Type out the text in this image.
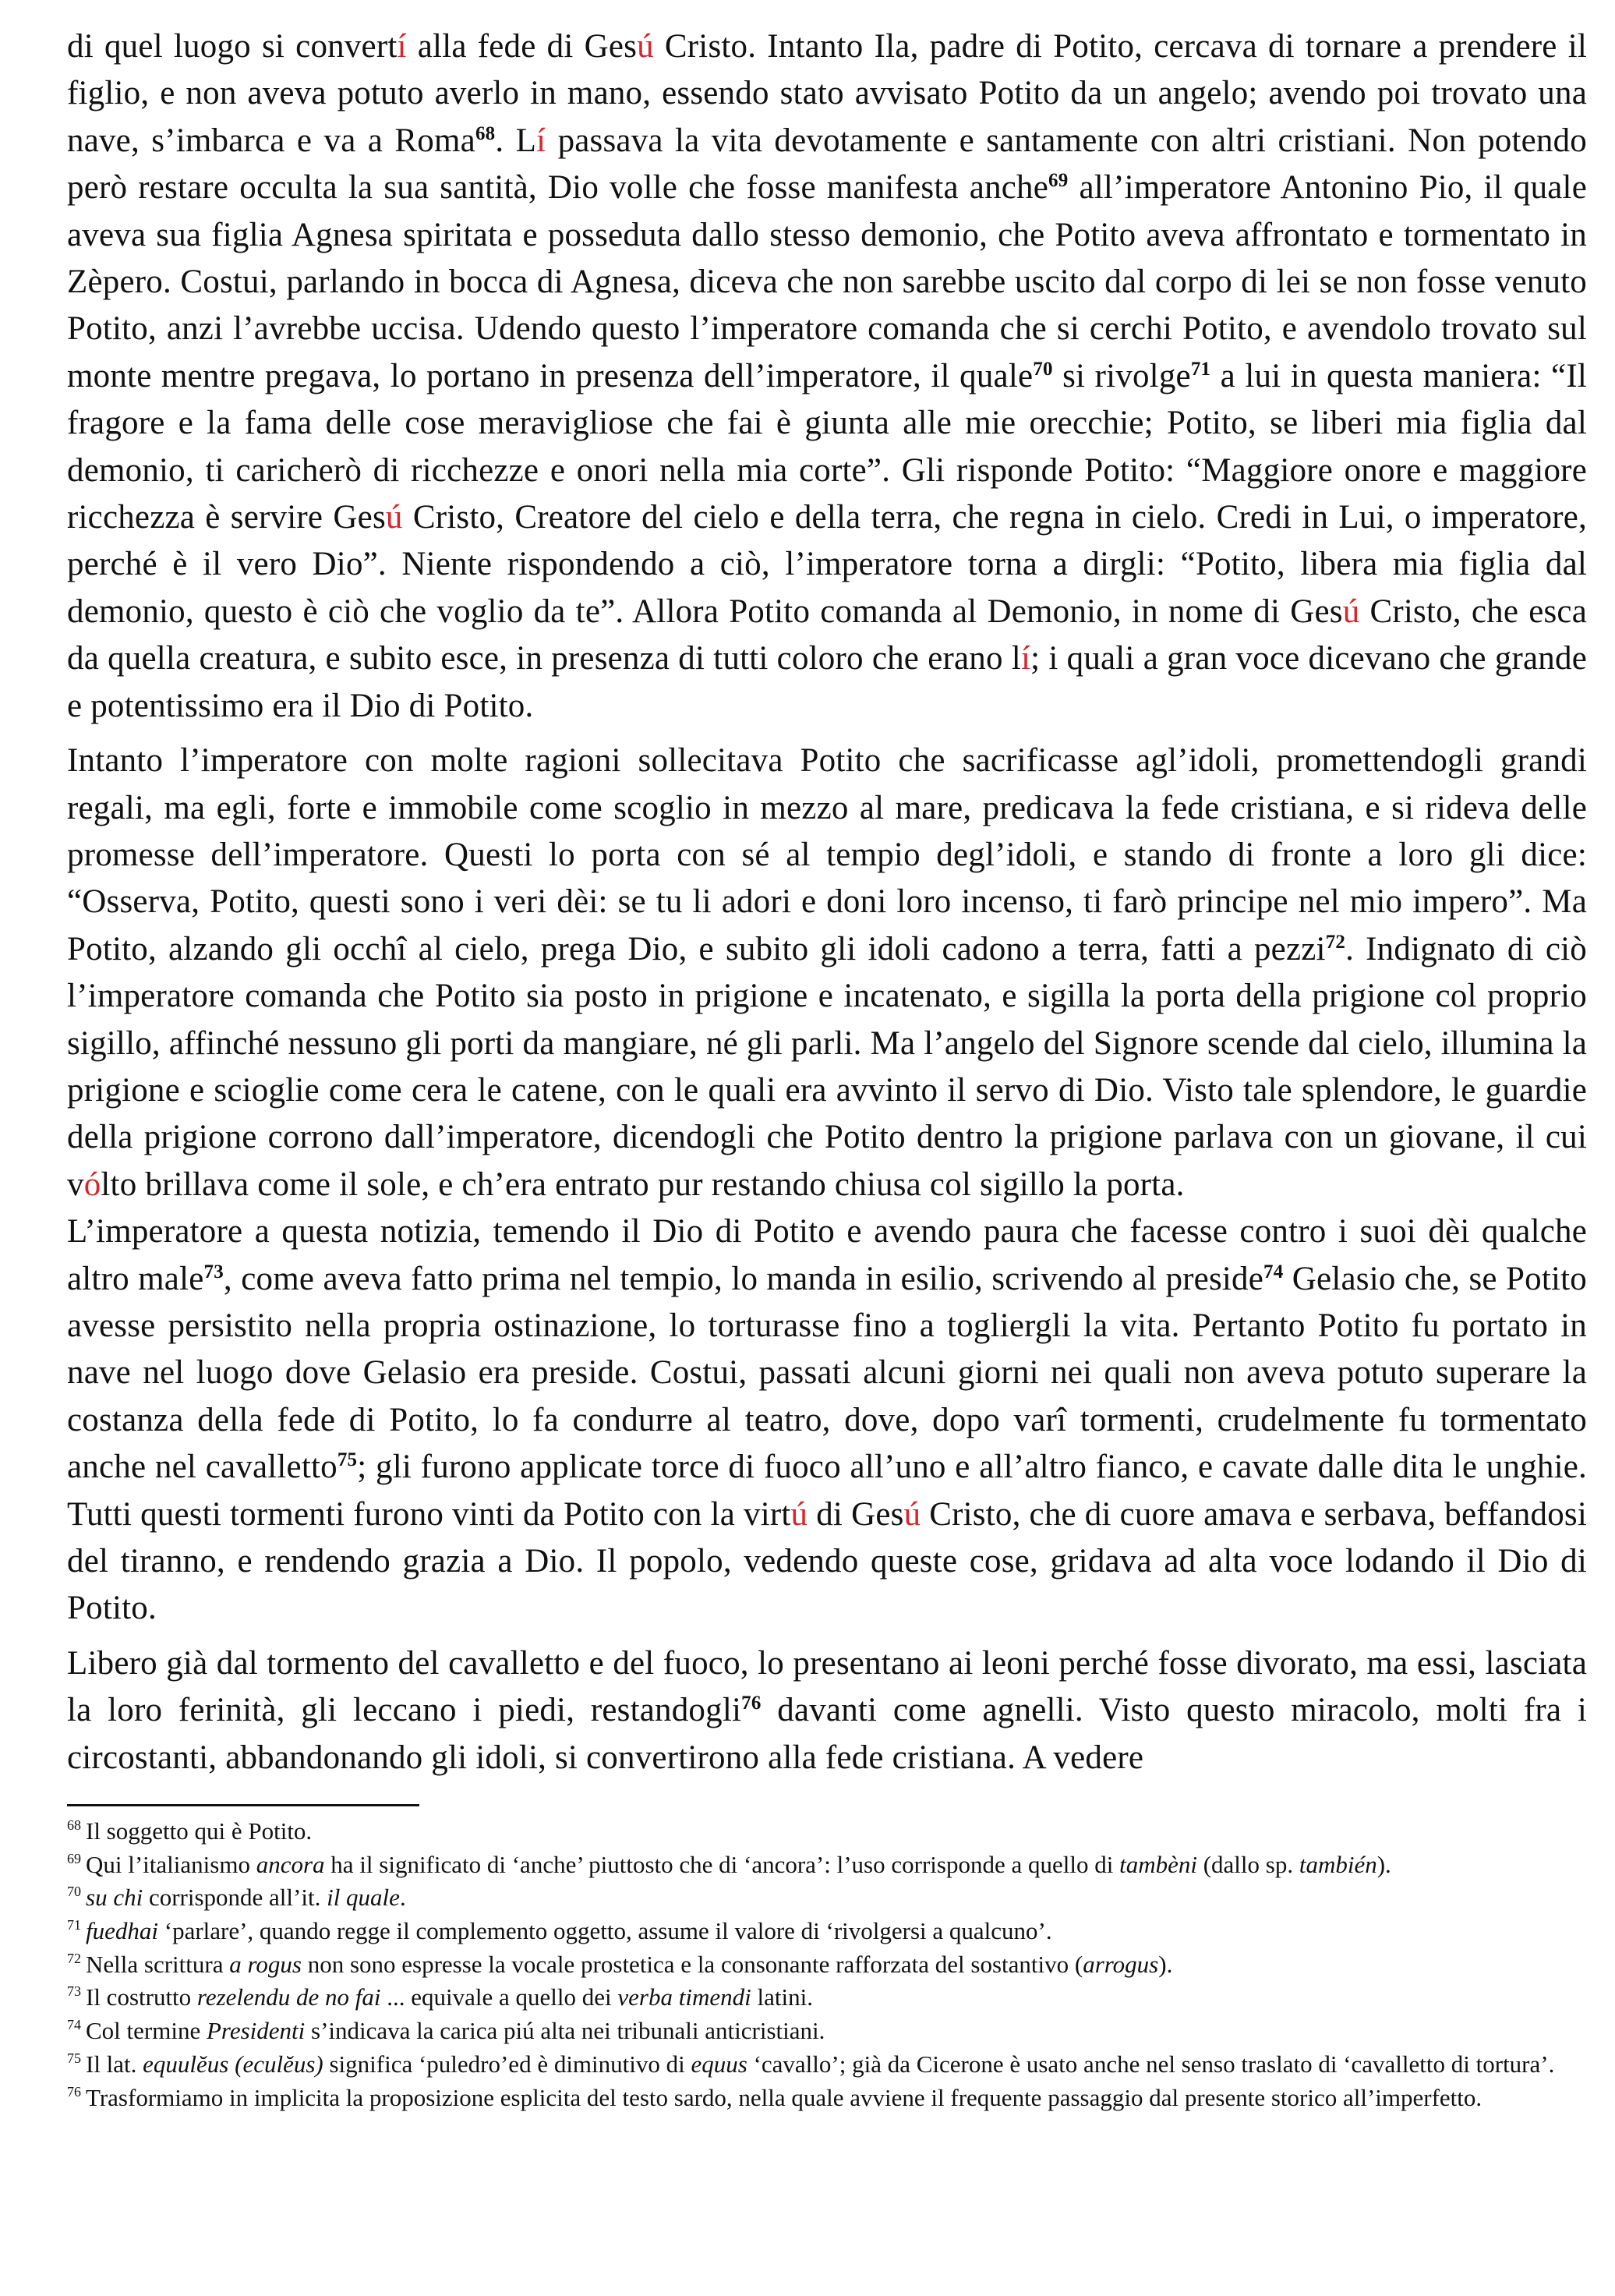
di quel luogo si convertí alla fede di Gesú Cristo. Intanto Ila, padre di Potito, cercava di tornare a prendere il figlio, e non aveva potuto averlo in mano, essendo stato avvisato Potito da un angelo; avendo poi trovato una nave, s’imbarca e va a Roma$^{68}$. Lí passava la vita devotamente e santamente con altri cristiani. Non potendo però restare occulta la sua santità, Dio volle che fosse manifesta anche$^{69}$ all’imperatore Antonino Pio, il quale aveva sua figlia Agnesa spiritata e posseduta dallo stesso demonio, che Potito aveva affrontato e tormentato in Zèpero. Costui, parlando in bocca di Agnesa, diceva che non sarebbe uscito dal corpo di lei se non fosse venuto Potito, anzi l’avrebbe uccisa. Udendo questo l’imperatore comanda che si cerchi Potito, e avendolo trovato sul monte mentre pregava, lo portano in presenza dell’imperatore, il quale$^{70}$ si rivolge$^{71}$ a lui in questa maniera: “Il fragore e la fama delle cose meravigliose che fai è giunta alle mie orecchie; Potito, se liberi mia figlia dal demonio, ti caricherò di ricchezze e onori nella mia corte”. Gli risponde Potito: “Maggiore onore e maggiore ricchezza è servire Gesú Cristo, Creatore del cielo e della terra, che regna in cielo. Credi in Lui, o imperatore, perché è il vero Dio”. Niente rispondendo a ciò, l’imperatore torna a dirgli: “Potito, libera mia figlia dal demonio, questo è ciò che voglio da te”. Allora Potito comanda al Demonio, in nome di Gesú Cristo, che esca da quella creatura, e subito esce, in presenza di tutti coloro che erano lí; i quali a gran voce dicevano che grande e potentissimo era il Dio di Potito.

Intanto l’imperatore con molte ragioni sollecitava Potito che sacrificasse agl’idoli, promettendogli grandi regali, ma egli, forte e immobile come scoglio in mezzo al mare, predicava la fede cristiana, e si rideva delle promesse dell’imperatore. Questi lo porta con sé al tempio degl’idoli, e stando di fronte a loro gli dice: “Osserva, Potito, questi sono i veri dèi: se tu li adori e doni loro incenso, ti farò principe nel mio impero”. Ma Potito, alzando gli occhî al cielo, prega Dio, e subito gli idoli cadono a terra, fatti a pezzi$^{72}$. Indignato di ciò l’imperatore comanda che Potito sia posto in prigione e incatenato, e sigilla la porta della prigione col proprio sigillo, affinché nessuno gli porti da mangiare, né gli parli. Ma l’angelo del Signore scende dal cielo, illumina la prigione e scioglie come cera le catene, con le quali era avvinto il servo di Dio. Visto tale splendore, le guardie della prigione corrono dall’imperatore, dicendogli che Potito dentro la prigione parlava con un giovane, il cui vólto brillava come il sole, e ch’era entrato pur restando chiusa col sigillo la porta.

L’imperatore a questa notizia, temendo il Dio di Potito e avendo paura che facesse contro i suoi dèi qualche altro male$^{73}$, come aveva fatto prima nel tempio, lo manda in esilio, scrivendo al preside$^{74}$ Gelasio che, se Potito avesse persistito nella propria ostinazione, lo torturasse fino a togliergli la vita. Pertanto Potito fu portato in nave nel luogo dove Gelasio era preside. Costui, passati alcuni giorni nei quali non aveva potuto superare la costanza della fede di Potito, lo fa condurre al teatro, dove, dopo varî tormenti, crudelmente fu tormentato anche nel cavalletto$^{75}$; gli furono applicate torce di fuoco all’uno e all’altro fianco, e cavate dalle dita le unghie. Tutti questi tormenti furono vinti da Potito con la virtú di Gesú Cristo, che di cuore amava e serbava, beffandosi del tiranno, e rendendo grazia a Dio. Il popolo, vedendo queste cose, gridava ad alta voce lodando il Dio di Potito.

Libero già dal tormento del cavalletto e del fuoco, lo presentano ai leoni perché fosse divorato, ma essi, lasciata la loro ferinità, gli leccano i piedi, restandogli$^{76}$ davanti come agnelli. Visto questo miracolo, molti fra i circostanti, abbandonando gli idoli, si convertirono alla fede cristiana. A vedere

$^{68}$ Il soggetto qui è Potito.

$^{69}$ Qui l’italianismo ancora ha il significato di ‘anche’ piuttosto che di ‘ancora’: l’uso corrisponde a quello di tambèni (dallo sp. también).

$^{70}$ su chi corrisponde all’it. il quale.

$^{71}$ fuedhai ‘parlare’, quando regge il complemento oggetto, assume il valore di ‘rivolgersi a qualcuno’.

$^{72}$ Nella scrittura a rogus non sono espresse la vocale prostetica e la consonante rafforzata del sostantivo (arrogus).

$^{73}$ Il costrutto rezelendu de no fai ... equivale a quello dei verba timendi latini.

$^{74}$ Col termine Presidenti s’indicava la carica piú alta nei tribunali anticristiani.

$^{75}$ Il lat. equulĕus (eculĕus) significa ‘puledro’ed è diminutivo di equus ‘cavallo’; già da Cicerone è usato anche nel senso traslato di ‘cavalletto di tortura’.

$^{76}$ Trasformiamo in implicita la proposizione esplicita del testo sardo, nella quale avviene il frequente passaggio dal presente storico all’imperfetto.
